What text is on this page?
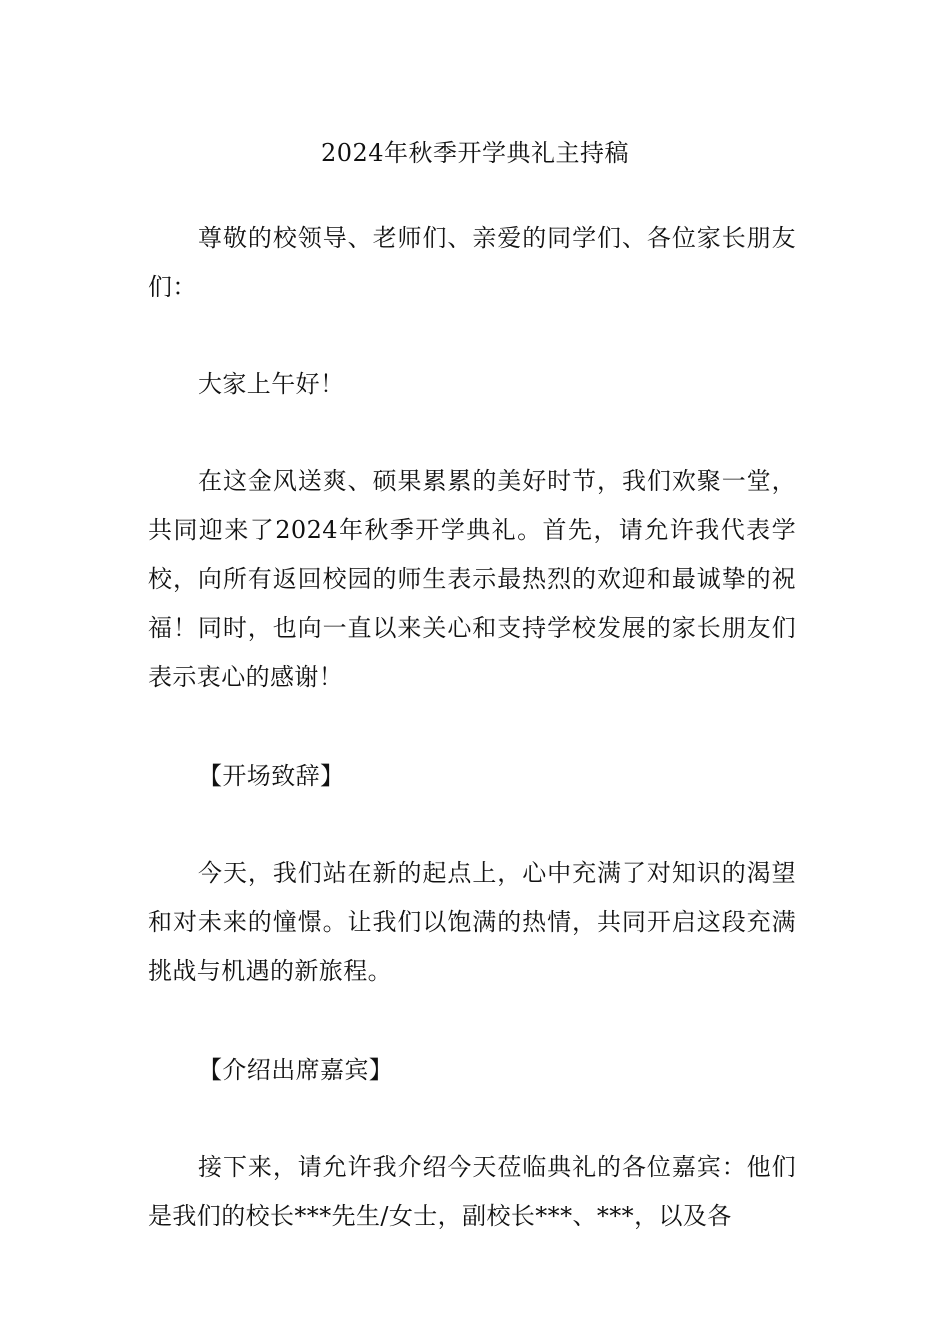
2024年秋季开学典礼主持稿

尊敬的校领导、老师们、亲爱的同学们、各位家长朋友们：

大家上午好！

在这金风送爽、硕果累累的美好时节，我们欢聚一堂，共同迎来了2024年秋季开学典礼。首先，请允许我代表学校，向所有返回校园的师生表示最热烈的欢迎和最诚挚的祝福！同时，也向一直以来关心和支持学校发展的家长朋友们表示衷心的感谢！

【开场致辞】

今天，我们站在新的起点上，心中充满了对知识的渴望和对未来的憧憬。让我们以饱满的热情，共同开启这段充满挑战与机遇的新旅程。

【介绍出席嘉宾】

接下来，请允许我介绍今天莅临典礼的各位嘉宾：他们是我们的校长***先生/女士，副校长***、***，以及各
